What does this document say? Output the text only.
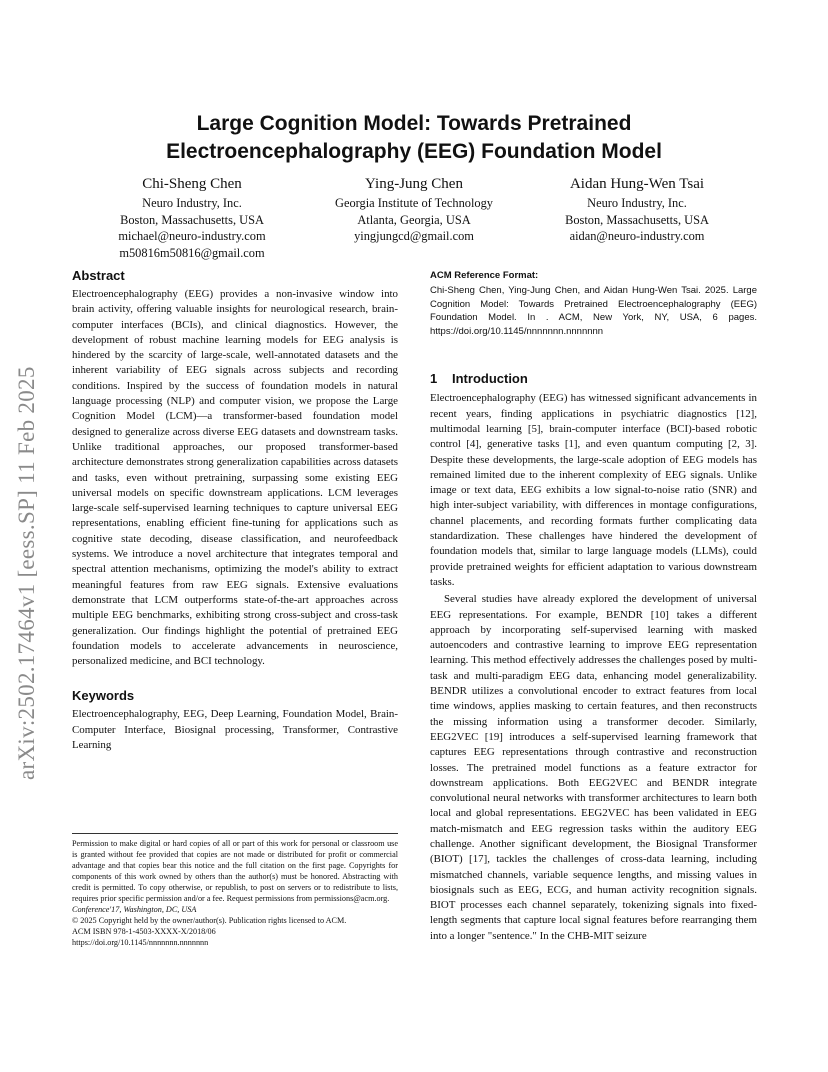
arXiv:2502.17464v1 [eess.SP] 11 Feb 2025
Large Cognition Model: Towards Pretrained
Electroencephalography (EEG) Foundation Model
Chi-Sheng Chen
Neuro Industry, Inc.
Boston, Massachusetts, USA
michael@neuro-industry.com
m50816m50816@gmail.com
Ying-Jung Chen
Georgia Institute of Technology
Atlanta, Georgia, USA
yingjungcd@gmail.com
Aidan Hung-Wen Tsai
Neuro Industry, Inc.
Boston, Massachusetts, USA
aidan@neuro-industry.com
Abstract

Electroencephalography (EEG) provides a non-invasive window into brain activity, offering valuable insights for neurological research, brain-computer interfaces (BCIs), and clinical diagnostics. However, the development of robust machine learning models for EEG analysis is hindered by the scarcity of large-scale, well-annotated datasets and the inherent variability of EEG signals across subjects and recording conditions. Inspired by the success of foundation models in natural language processing (NLP) and computer vision, we propose the Large Cognition Model (LCM)—a transformer-based foundation model designed to generalize across diverse EEG datasets and downstream tasks. Unlike traditional approaches, our proposed transformer-based architecture demonstrates strong generalization capabilities across datasets and tasks, even without pretraining, surpassing some existing EEG universal models on specific downstream applications. LCM leverages large-scale self-supervised learning techniques to capture universal EEG representations, enabling efficient fine-tuning for applications such as cognitive state decoding, disease classification, and neurofeedback systems. We introduce a novel architecture that integrates temporal and spectral attention mechanisms, optimizing the model's ability to extract meaningful features from raw EEG signals. Extensive evaluations demonstrate that LCM outperforms state-of-the-art approaches across multiple EEG benchmarks, exhibiting strong cross-subject and cross-task generalization. Our findings highlight the potential of pretrained EEG foundation models to accelerate advancements in neuroscience, personalized medicine, and BCI technology.

Keywords

Electroencephalography, EEG, Deep Learning, Foundation Model, Brain-Computer Interface, Biosignal processing, Transformer, Contrastive Learning

Permission to make digital or hard copies of all or part of this work for personal or classroom use is granted without fee provided that copies are not made or distributed for profit or commercial advantage and that copies bear this notice and the full citation on the first page. Copyrights for components of this work owned by others than the author(s) must be honored. Abstracting with credit is permitted. To copy otherwise, or republish, to post on servers or to redistribute to lists, requires prior specific permission and/or a fee. Request permissions from permissions@acm.org.

Conference'17, Washington, DC, USA
© 2025 Copyright held by the owner/author(s). Publication rights licensed to ACM.
ACM ISBN 978-1-4503-XXXX-X/2018/06
https://doi.org/10.1145/nnnnnnn.nnnnnnn
ACM Reference Format:

Chi-Sheng Chen, Ying-Jung Chen, and Aidan Hung-Wen Tsai. 2025. Large Cognition Model: Towards Pretrained Electroencephalography (EEG) Foundation Model. In . ACM, New York, NY, USA, 6 pages. https://doi.org/10.1145/nnnnnnn.nnnnnnn

1 Introduction

Electroencephalography (EEG) has witnessed significant advancements in recent years, finding applications in psychiatric diagnostics [12], multimodal learning [5], brain-computer interface (BCI)-based robotic control [4], generative tasks [1], and even quantum computing [2, 3]. Despite these developments, the large-scale adoption of EEG models has remained limited due to the inherent complexity of EEG signals. Unlike image or text data, EEG exhibits a low signal-to-noise ratio (SNR) and high inter-subject variability, with differences in montage configurations, channel placements, and recording formats further complicating data standardization. These challenges have hindered the development of foundation models that, similar to large language models (LLMs), could provide pretrained weights for efficient adaptation to various downstream tasks.

Several studies have already explored the development of universal EEG representations. For example, BENDR [10] takes a different approach by incorporating self-supervised learning with masked autoencoders and contrastive learning to improve EEG representation learning. This method effectively addresses the challenges posed by multi-task and multi-paradigm EEG data, enhancing model generalizability. BENDR utilizes a convolutional encoder to extract features from local time windows, applies masking to certain features, and then reconstructs the missing information using a transformer decoder. Similarly, EEG2VEC [19] introduces a self-supervised learning framework that captures EEG representations through contrastive and reconstruction losses. The pretrained model functions as a feature extractor for downstream applications. Both EEG2VEC and BENDR integrate convolutional neural networks with transformer architectures to learn both local and global representations. EEG2VEC has been validated in EEG match-mismatch and EEG regression tasks within the auditory EEG challenge. Another significant development, the Biosignal Transformer (BIOT) [17], tackles the challenges of cross-data learning, including mismatched channels, variable sequence lengths, and missing values in biosignals such as EEG, ECG, and human activity recognition signals. BIOT processes each channel separately, tokenizing signals into fixed-length segments that capture local signal features before rearranging them into a longer "sentence." In the CHB-MIT seizure
